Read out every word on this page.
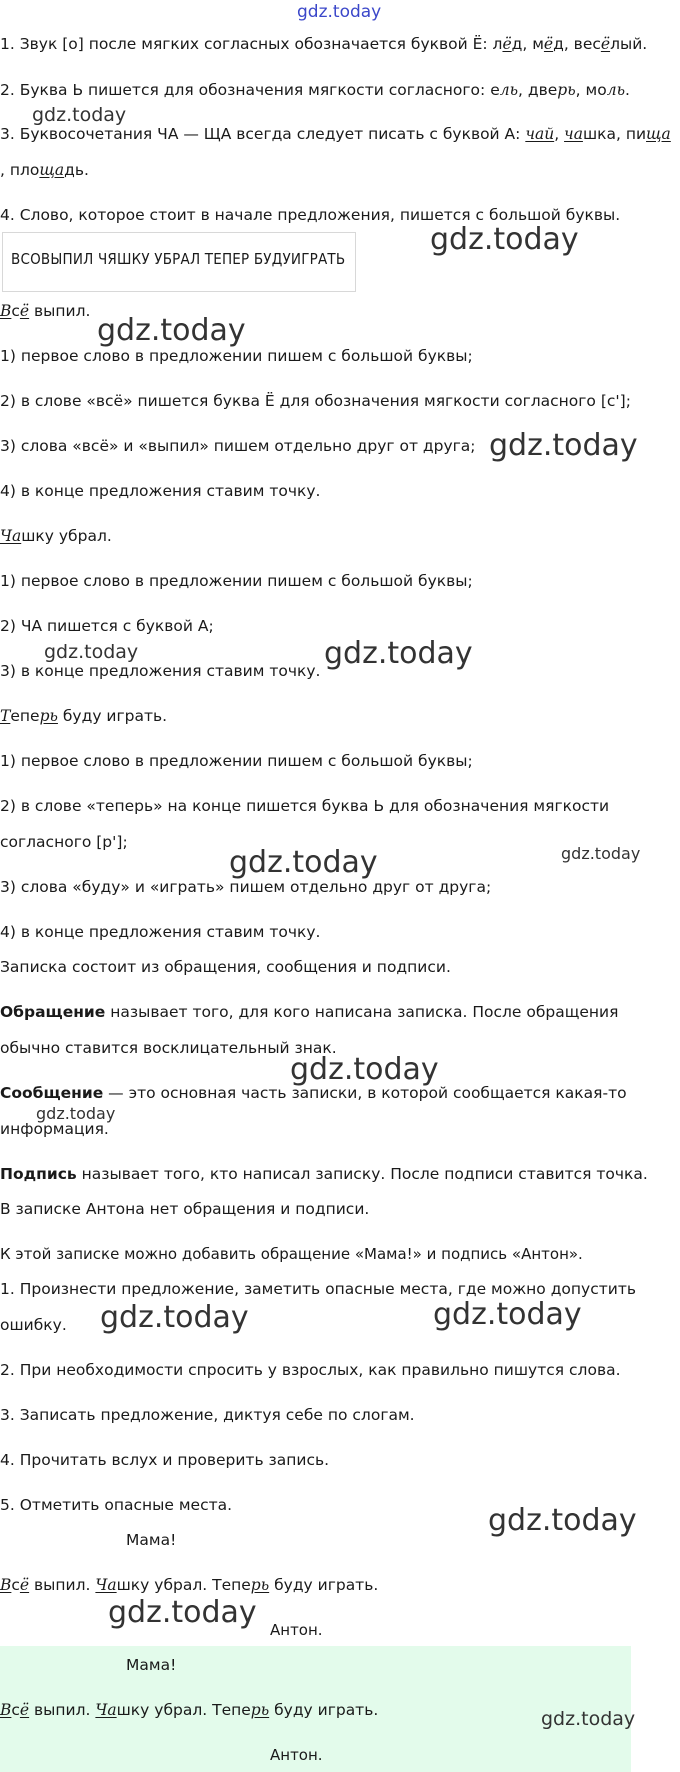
gdz.today
gdz.today
gdz.today
gdz.today
gdz.today
gdz.today	gdz.today
gdz.today	gdz.today
gdz.today
gdz.today
gdz.today	gdz.today
gdz.today
gdz.today
1. Звук [о] после мягких согласных обозначается буквой Ё: лёд, мёд, весёлый.
2. Буква Ь пишется для обозначения мягкости согласного: ель, дверь, моль.
3. Буквосочетания ЧА — ЩА всегда следует писать с буквой А: чай, чашка, пища
, площадь.
4. Слово, которое стоит в начале предложения, пишется с большой буквы.
ВСОВЫПИЛ ЧЯШКУ УБРАЛ ТЕПЕР БУДУИГРАТЬ
Всё выпил.
1) первое слово в предложении пишем с большой буквы;
2) в слове «всё» пишется буква Ё для обозначения мягкости согласного [с'];
3) слова «всё» и «выпил» пишем отдельно друг от друга;
4) в конце предложения ставим точку.
Чашку убрал.
1) первое слово в предложении пишем с большой буквы;
2) ЧА пишется с буквой А;
3) в конце предложения ставим точку.
Теперь буду играть.
1) первое слово в предложении пишем с большой буквы;
2) в слове «теперь» на конце пишется буква Ь для обозначения мягкости
согласного [р'];
3) слова «буду» и «играть» пишем отдельно друг от друга;
4) в конце предложения ставим точку.
Записка состоит из обращения, сообщения и подписи.
Обращение называет того, для кого написана записка. После обращения
обычно ставится восклицательный знак.
Сообщение — это основная часть записки, в которой сообщается какая-то
информация.
Подпись называет того, кто написал записку. После подписи ставится точка.
В записке Антона нет обращения и подписи.
К этой записке можно добавить обращение «Мама!» и подпись «Антон».
1. Произнести предложение, заметить опасные места, где можно допустить
ошибку.
2. При необходимости спросить у взрослых, как правильно пишутся слова.
3. Записать предложение, диктуя себе по слогам.
4. Прочитать вслух и проверить запись.
5. Отметить опасные места.
Мама!
Всё выпил. Чашку убрал. Теперь буду играть.
Антон.
Мама!
Всё выпил. Чашку убрал. Теперь буду играть.	gdz.today
Антон.
